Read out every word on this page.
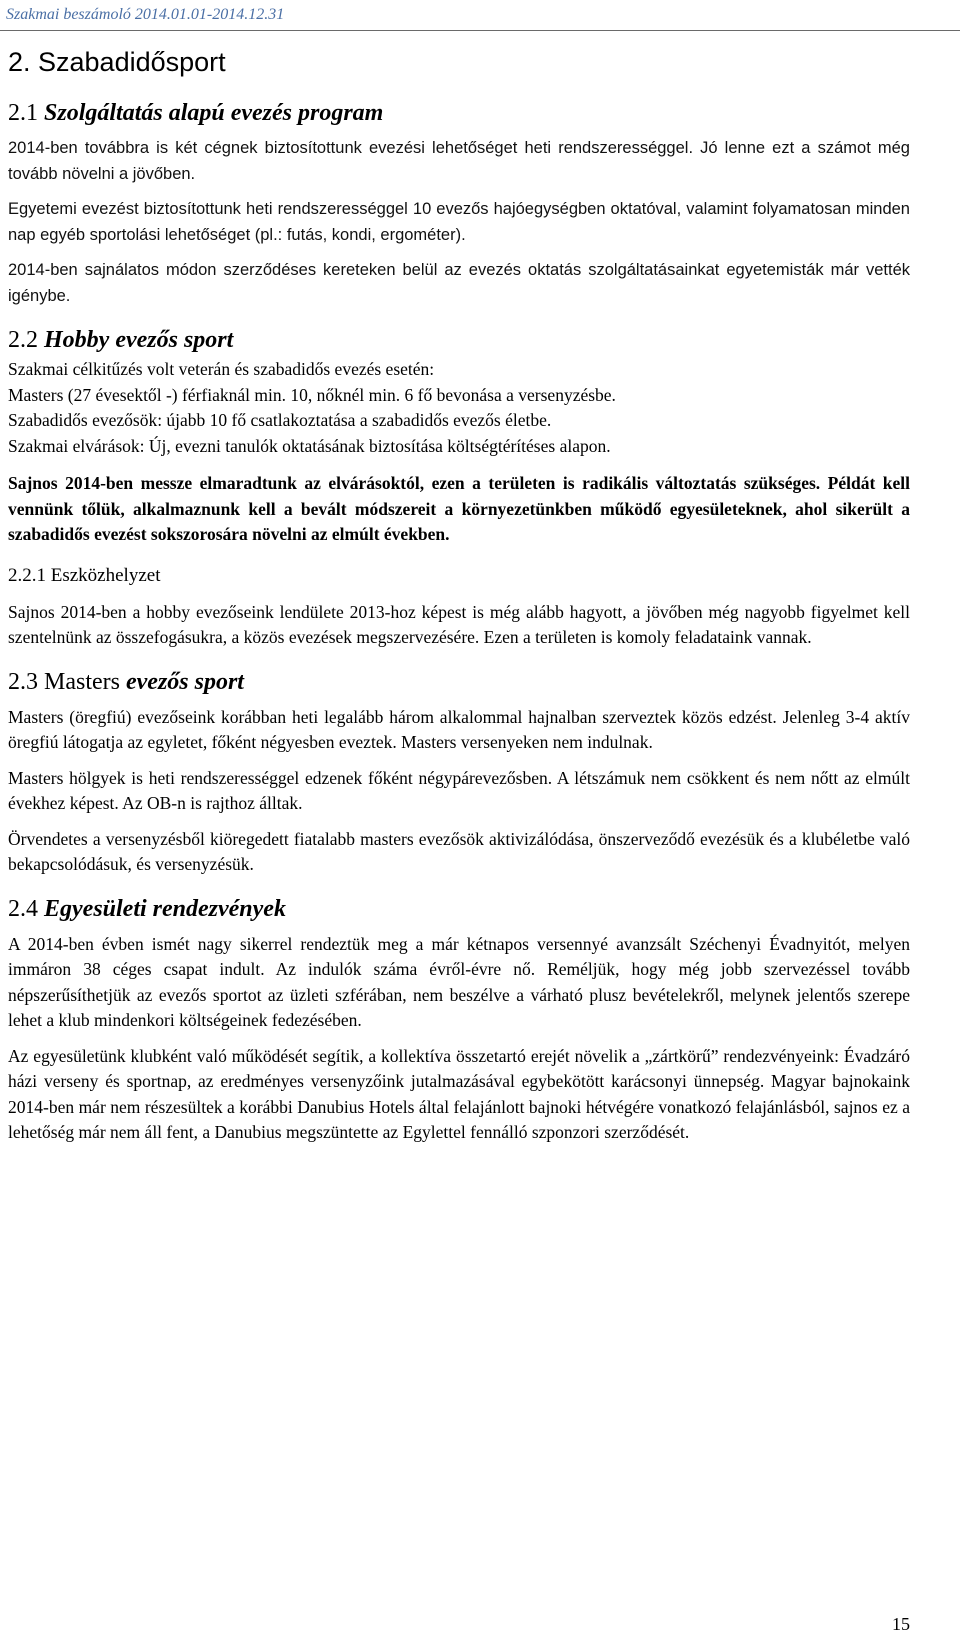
Szakmai beszámoló 2014.01.01-2014.12.31
2. Szabadidősport
2.1 Szolgáltatás alapú evezés program

2014-ben továbbra is két cégnek biztosítottunk evezési lehetőséget heti rendszerességgel. Jó lenne ezt a számot még tovább növelni a jövőben.

Egyetemi evezést biztosítottunk heti rendszerességgel 10 evezős hajóegységben oktatóval, valamint folyamatosan minden nap egyéb sportolási lehetőséget (pl.: futás, kondi, ergométer).

2014-ben sajnálatos módon szerződéses kereteken belül az evezés oktatás szolgáltatásainkat egyetemisták már vették igénybe.

2.2 Hobby evezős sport

Szakmai célkitűzés volt veterán és szabadidős evezés esetén:

Masters (27 évesektől -) férfiaknál min. 10, nőknél min. 6 fő bevonása a versenyzésbe.

Szabadidős evezősök: újabb 10 fő csatlakoztatása a szabadidős evezős életbe.

Szakmai elvárások: Új, evezni tanulók oktatásának biztosítása költségtérítéses alapon.

Sajnos 2014-ben messze elmaradtunk az elvárásoktól, ezen a területen is radikális változtatás szükséges. Példát kell vennünk tőlük, alkalmaznunk kell a bevált módszereit a környezetünkben működő egyesületeknek, ahol sikerült a szabadidős evezést sokszorosára növelni az elmúlt években.

2.2.1 Eszközhelyzet

Sajnos 2014-ben a hobby evezőseink lendülete 2013-hoz képest is még alább hagyott, a jövőben még nagyobb figyelmet kell szentelnünk az összefogásukra, a közös evezések megszervezésére. Ezen a területen is komoly feladataink vannak.

2.3 Masters evezős sport

Masters (öregfiú) evezőseink korábban heti legalább három alkalommal hajnalban szerveztek közös edzést. Jelenleg 3-4 aktív öregfiú látogatja az egyletet, főként négyesben eveztek. Masters versenyeken nem indulnak.

Masters hölgyek is heti rendszerességgel edzenek főként négypárevezősben. A létszámuk nem csökkent és nem nőtt az elmúlt évekhez képest. Az OB-n is rajthoz álltak.

Örvendetes a versenyzésből kiöregedett fiatalabb masters evezősök aktivizálódása, önszerveződő evezésük és a klubéletbe való bekapcsolódásuk, és versenyzésük.

2.4 Egyesületi rendezvények

A 2014-ben évben ismét nagy sikerrel rendeztük meg a már kétnapos versennyé avanzsált Széchenyi Évadnyitót, melyen immáron 38 céges csapat indult. Az indulók száma évről-évre nő. Reméljük, hogy még jobb szervezéssel tovább népszerűsíthetjük az evezős sportot az üzleti szférában, nem beszélve a várható plusz bevételekről, melynek jelentős szerepe lehet a klub mindenkori költségeinek fedezésében.

Az egyesületünk klubként való működését segítik, a kollektíva összetartó erejét növelik a „zártkörű” rendezvényeink: Évadzáró házi verseny és sportnap, az eredményes versenyzőink jutalmazásával egybekötött karácsonyi ünnepség. Magyar bajnokaink 2014-ben már nem részesültek a korábbi Danubius Hotels által felajánlott bajnoki hétvégére vonatkozó felajánlásból, sajnos ez a lehetőség már nem áll fent, a Danubius megszüntette az Egylettel fennálló szponzori szerződését.

15
